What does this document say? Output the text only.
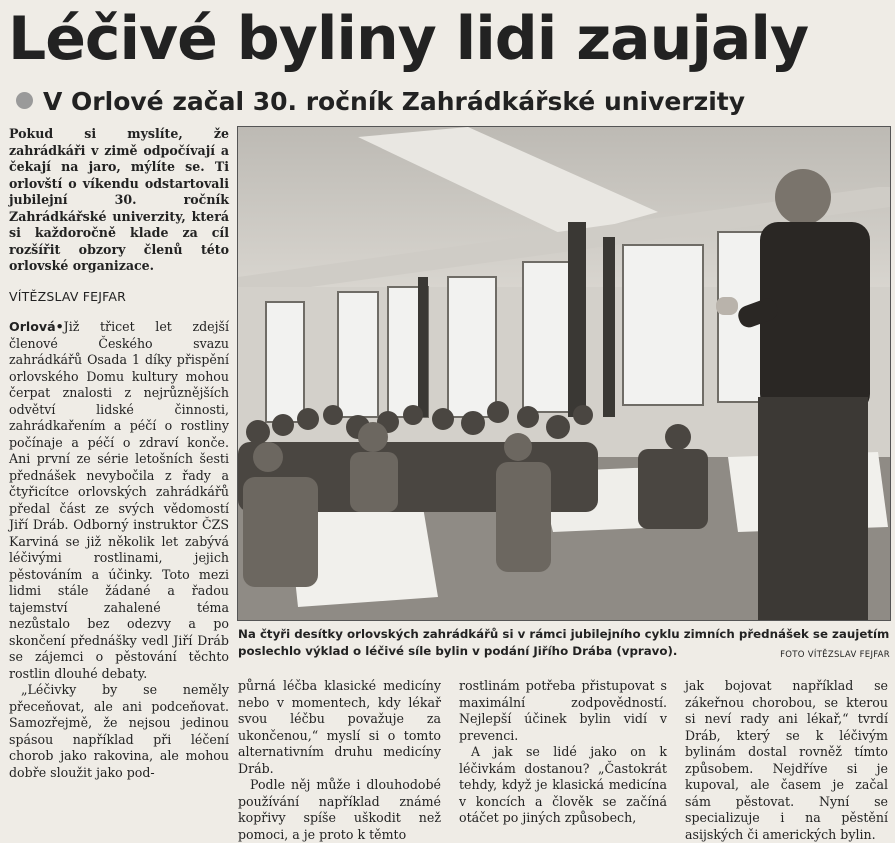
Léčivé byliny lidi zaujaly
V Orlové začal 30. ročník Zahrádkářské univerzity
Pokud si myslíte, že zahrádkáři v zimě odpočívají a čekají na jaro, mýlíte se. Ti orlovští o víkendu odstartovali jubilejní 30. ročník Zahrádkářské univerzity, která si každoročně klade za cíl rozšířit obzory členů této orlovské organizace.
VÍTĚZSLAV FEJFAR

Orlová•Již třicet let zdejší členové Českého svazu zahrádkářů Osada 1 díky přispění orlovského Domu kultury mohou čerpat znalosti z nejrůznějších odvětví lidské činnosti, zahrádkařením a péčí o rostliny počínaje a péčí o zdraví konče. Ani první ze série letošních šesti přednášek nevybočila z řady a čtyřicítce orlovských zahrádkářů předal část ze svých vědomostí Jiří Dráb. Odborný instruktor ČZS Karviná se již několik let zabývá léčivými rostlinami, jejich pěstováním a účinky. Toto mezi lidmi stále žádané a řadou tajemství zahalené téma nezůstalo bez odezvy a po skončení přednášky vedl Jiří Dráb se zájemci o pěstování těchto rostlin dlouhé debaty.

„Léčivky by se neměly přeceňovat, ale ani podceňovat. Samozřejmě, že nejsou jedinou spásou například při léčení chorob jako rakovina, ale mohou dobře sloužit jako pod-

Na čtyři desítky orlovských zahrádkářů si v rámci jubilejního cyklu zimních přednášek se zaujetím poslechlo výklad o léčivé síle bylin v podání Jiřího Drába (vpravo).	FOTO VÍTĚZSLAV FEJFAR

půrná léčba klasické medicíny nebo v momentech, kdy lékař svou léčbu považuje za ukončenou,“ myslí si o tomto alternativním druhu medicíny Dráb.

Podle něj může i dlouhodobé používání například známé kopřivy spíše uškodit než pomoci, a je proto k těmto

rostlinám potřeba přistupovat s maximální zodpovědností. Nejlepší účinek bylin vidí v prevenci.

A jak se lidé jako on k léčivkám dostanou? „Častokrát tehdy, když je klasická medicína v koncích a člověk se začíná otáčet po jiných způsobech,

jak bojovat například se zákeřnou chorobou, se kterou si neví rady ani lékař,“ tvrdí Dráb, který se k léčivým bylinám dostal rovněž tímto způsobem. Nejdříve si je kupoval, ale časem je začal sám pěstovat. Nyní se specializuje i na pěstění asijských či amerických bylin.
